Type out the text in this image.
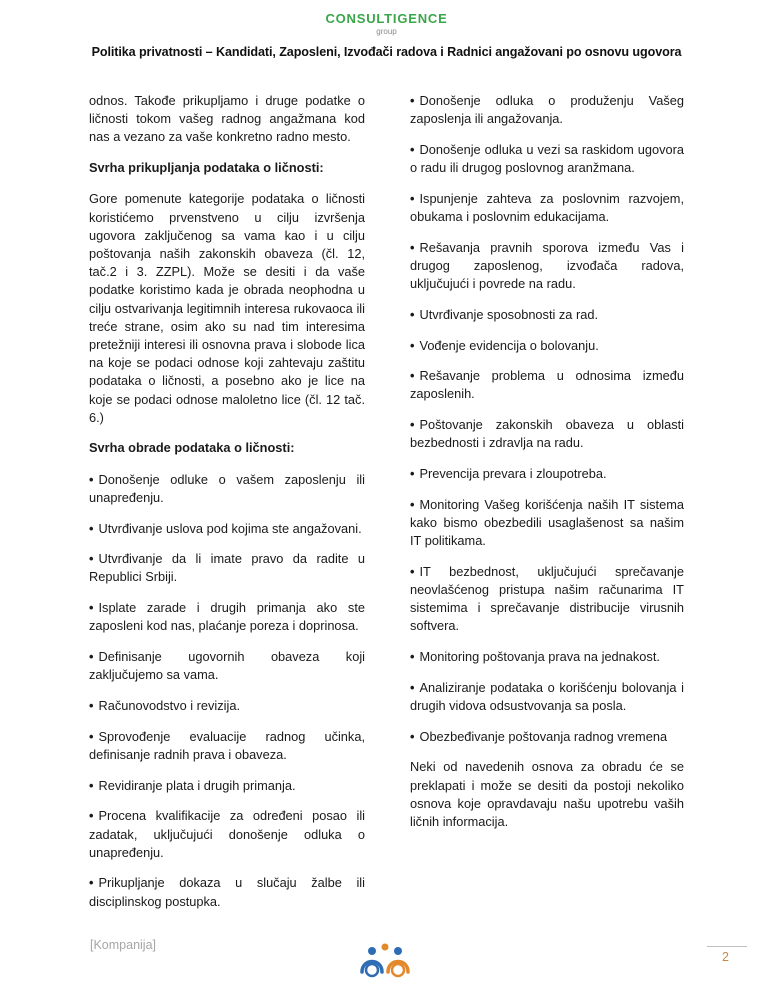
CONSULTIGENCE
group
Politika privatnosti – Kandidati, Zaposleni, Izvođači radova i Radnici angažovani po osnovu ugovora

odnos. Takođe prikupljamo i druge podatke o ličnosti tokom vašeg radnog angažmana kod nas a vezano za vaše konkretno radno mesto.

Svrha prikupljanja podataka o ličnosti:

Gore pomenute kategorije podataka o ličnosti koristićemo prvenstveno u cilju izvršenja ugovora zaključenog sa vama kao i u cilju poštovanja naših zakonskih obaveza (čl. 12, tač.2 i 3. ZZPL). Može se desiti i da vaše podatke koristimo kada je obrada neophodna u cilju ostvarivanja legitimnih interesa rukovaoca ili treće strane, osim ako su nad tim interesima pretežniji interesi ili osnovna prava i slobode lica na koje se podaci odnose koji zahtevaju zaštitu podataka o ličnosti, a posebno ako je lice na koje se podaci odnose maloletno lice (čl. 12 tač. 6.)

Svrha obrade podataka o ličnosti:
• Donošenje odluke o vašem zaposlenju ili unapređenju.
• Utvrđivanje uslova pod kojima ste angažovani.
• Utvrđivanje da li imate pravo da radite u Republici Srbiji.
• Isplate zarade i drugih primanja ako ste zaposleni kod nas, plaćanje poreza i doprinosa.
• Definisanje ugovornih obaveza koji zaključujemo sa vama.
• Računovodstvo i revizija.
• Sprovođenje evaluacije radnog učinka, definisanje radnih prava i obaveza.
• Revidiranje plata i drugih primanja.
• Procena kvalifikacije za određeni posao ili zadatak, uključujući donošenje odluka o unapređenju.
• Prikupljanje dokaza u slučaju žalbe ili disciplinskog postupka.
• Donošenje odluka o produženju Vašeg zaposlenja ili angažovanja.
• Donošenje odluka u vezi sa raskidom ugovora o radu ili drugog poslovnog aranžmana.
• Ispunjenje zahteva za poslovnim razvojem, obukama i poslovnim edukacijama.
• Rešavanja pravnih sporova između Vas i drugog zaposlenog, izvođača radova, uključujući i povrede na radu.
• Utvrđivanje sposobnosti za rad.
• Vođenje evidencija o bolovanju.
• Rešavanje problema u odnosima između zaposlenih.
• Poštovanje zakonskih obaveza u oblasti bezbednosti i zdravlja na radu.
• Prevencija prevara i zloupotreba.
• Monitoring Vašeg korišćenja naših IT sistema kako bismo obezbedili usaglašenost sa našim IT politikama.
• IT bezbednost, uključujući sprečavanje neovlašćenog pristupa našim računarima IT sistemima i sprečavanje distribucije virusnih softvera.
• Monitoring poštovanja prava na jednakost.
• Analiziranje podataka o korišćenju bolovanja i drugih vidova odsustvovanja sa posla.
• Obezbeđivanje poštovanja radnog vremena

Neki od navedenih osnova za obradu će se preklapati i može se desiti da postoji nekoliko osnova koje opravdavaju našu upotrebu vaših ličnih informacija.

[Kompanija]
2
